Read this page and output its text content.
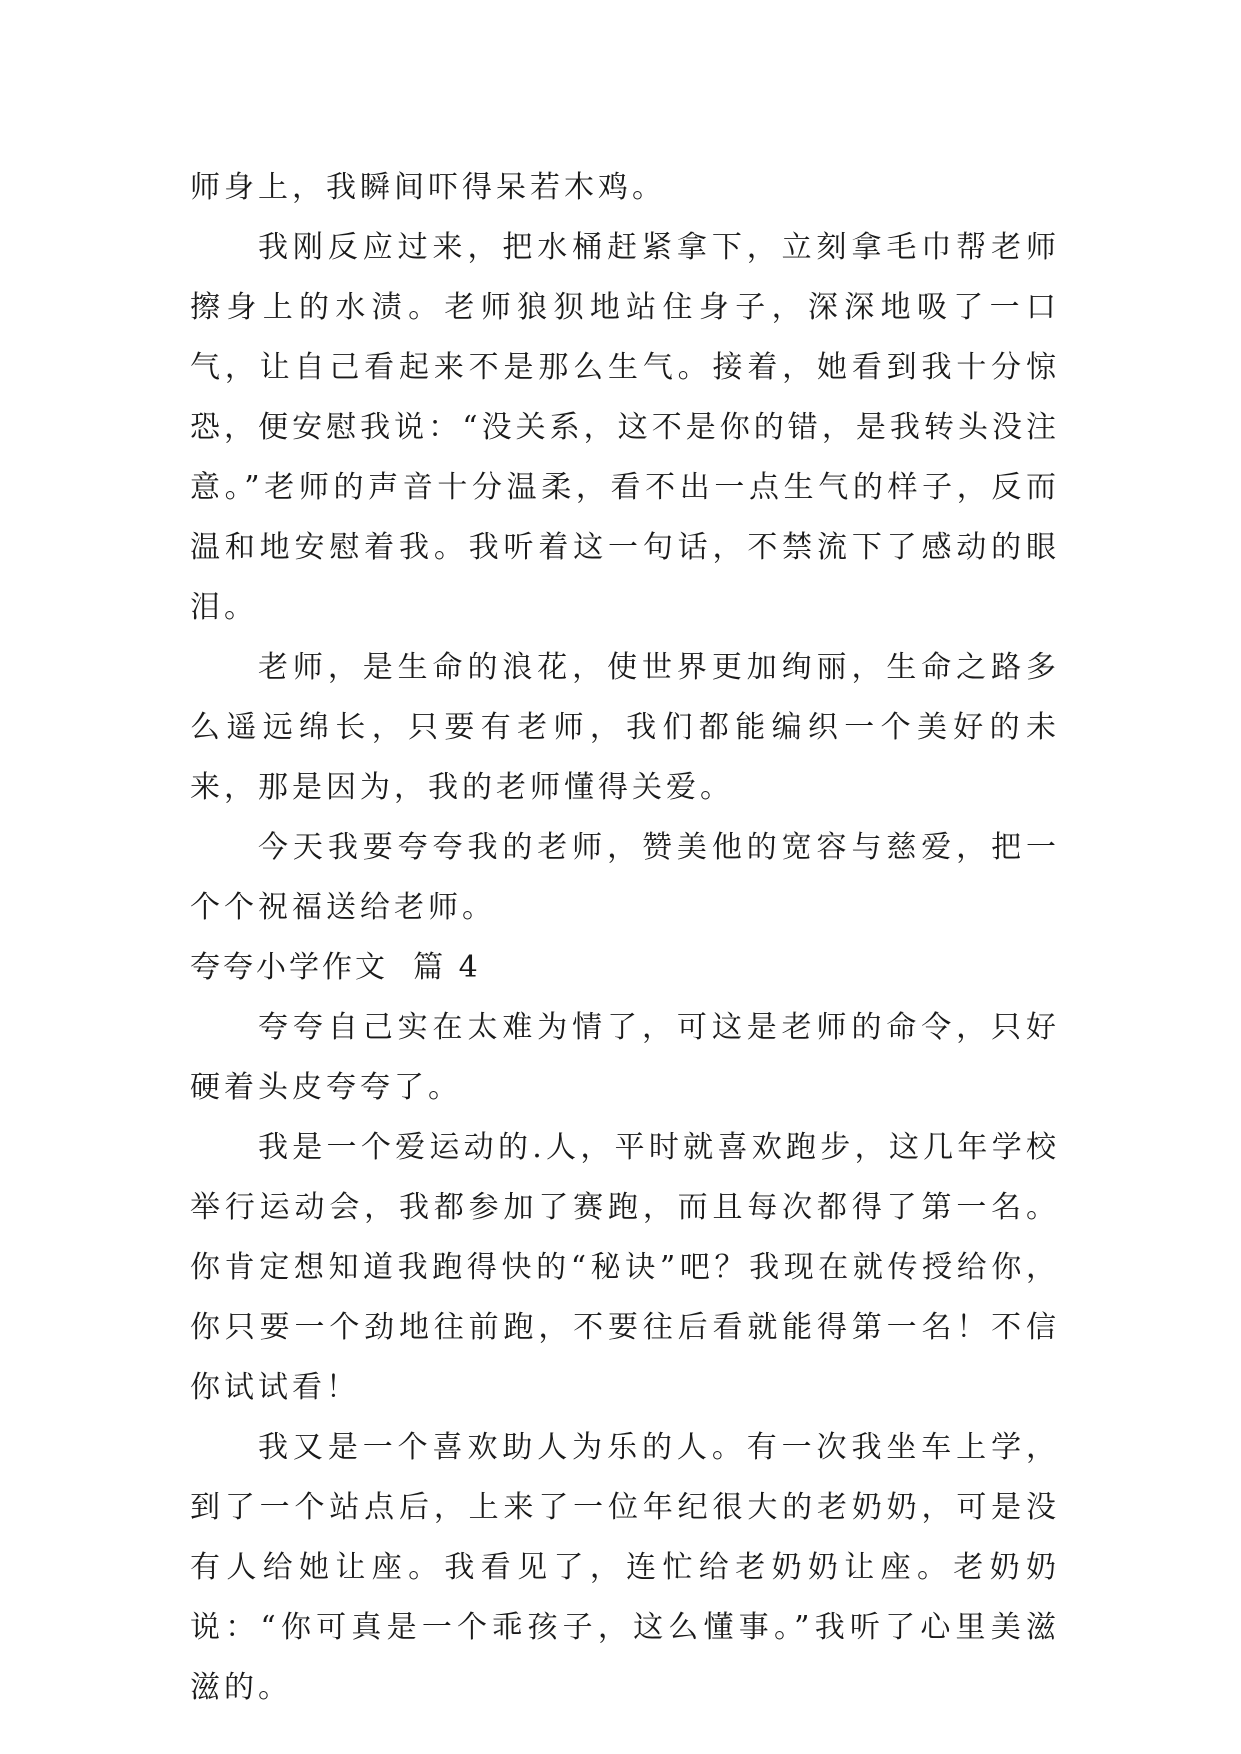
师身上，我瞬间吓得呆若木鸡。

我刚反应过来，把水桶赶紧拿下，立刻拿毛巾帮老师擦身上的水渍。老师狼狈地站住身子，深深地吸了一口气，让自己看起来不是那么生气。接着，她看到我十分惊恐，便安慰我说：“没关系，这不是你的错，是我转头没注意。”老师的声音十分温柔，看不出一点生气的样子，反而温和地安慰着我。我听着这一句话，不禁流下了感动的眼泪。

老师，是生命的浪花，使世界更加绚丽，生命之路多么遥远绵长，只要有老师，我们都能编织一个美好的未来，那是因为，我的老师懂得关爱。

今天我要夸夸我的老师，赞美他的宽容与慈爱，把一个个祝福送给老师。

夸夸小学作文  篇 4

夸夸自己实在太难为情了，可这是老师的命令，只好硬着头皮夸夸了。

我是一个爱运动的.人，平时就喜欢跑步，这几年学校举行运动会，我都参加了赛跑，而且每次都得了第一名。你肯定想知道我跑得快的“秘诀”吧？我现在就传授给你，你只要一个劲地往前跑，不要往后看就能得第一名！不信你试试看！

我又是一个喜欢助人为乐的人。有一次我坐车上学，到了一个站点后，上来了一位年纪很大的老奶奶，可是没有人给她让座。我看见了，连忙给老奶奶让座。老奶奶说：“你可真是一个乖孩子，这么懂事。”我听了心里美滋滋的。
